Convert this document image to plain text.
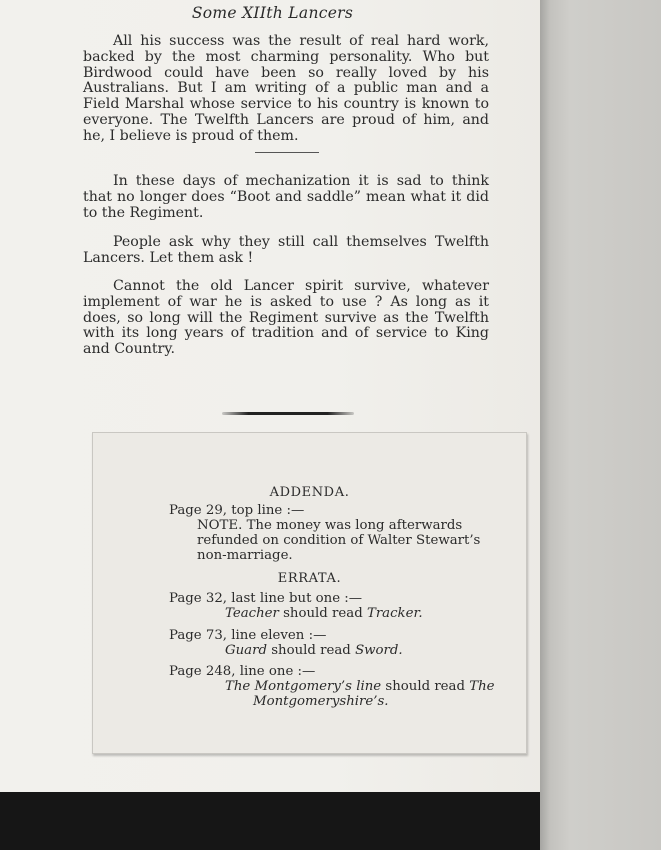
Some XIIth Lancers

All his success was the result of real hard work, backed by the most charming personality. Who but Birdwood could have been so really loved by his Australians. But I am writing of a public man and a Field Marshal whose service to his country is known to everyone. The Twelfth Lancers are proud of him, and he, I believe is proud of them.

In these days of mechanization it is sad to think that no longer does “Boot and saddle” mean what it did to the Regiment.

People ask why they still call themselves Twelfth Lancers. Let them ask !

Cannot the old Lancer spirit survive, whatever implement of war he is asked to use ? As long as it does, so long will the Regiment survive as the Twelfth with its long years of tradition and of service to King and Country.

ADDENDA.
Page 29, top line :—
NOTE. The money was long afterwards
refunded on condition of Walter Stewart’s
non-marriage.
ERRATA.
Page 32, last line but one :—
Teacher should read Tracker.
Page 73, line eleven :—
Guard should read Sword.
Page 248, line one :—
The Montgomery’s line should read The
Montgomeryshire’s.
